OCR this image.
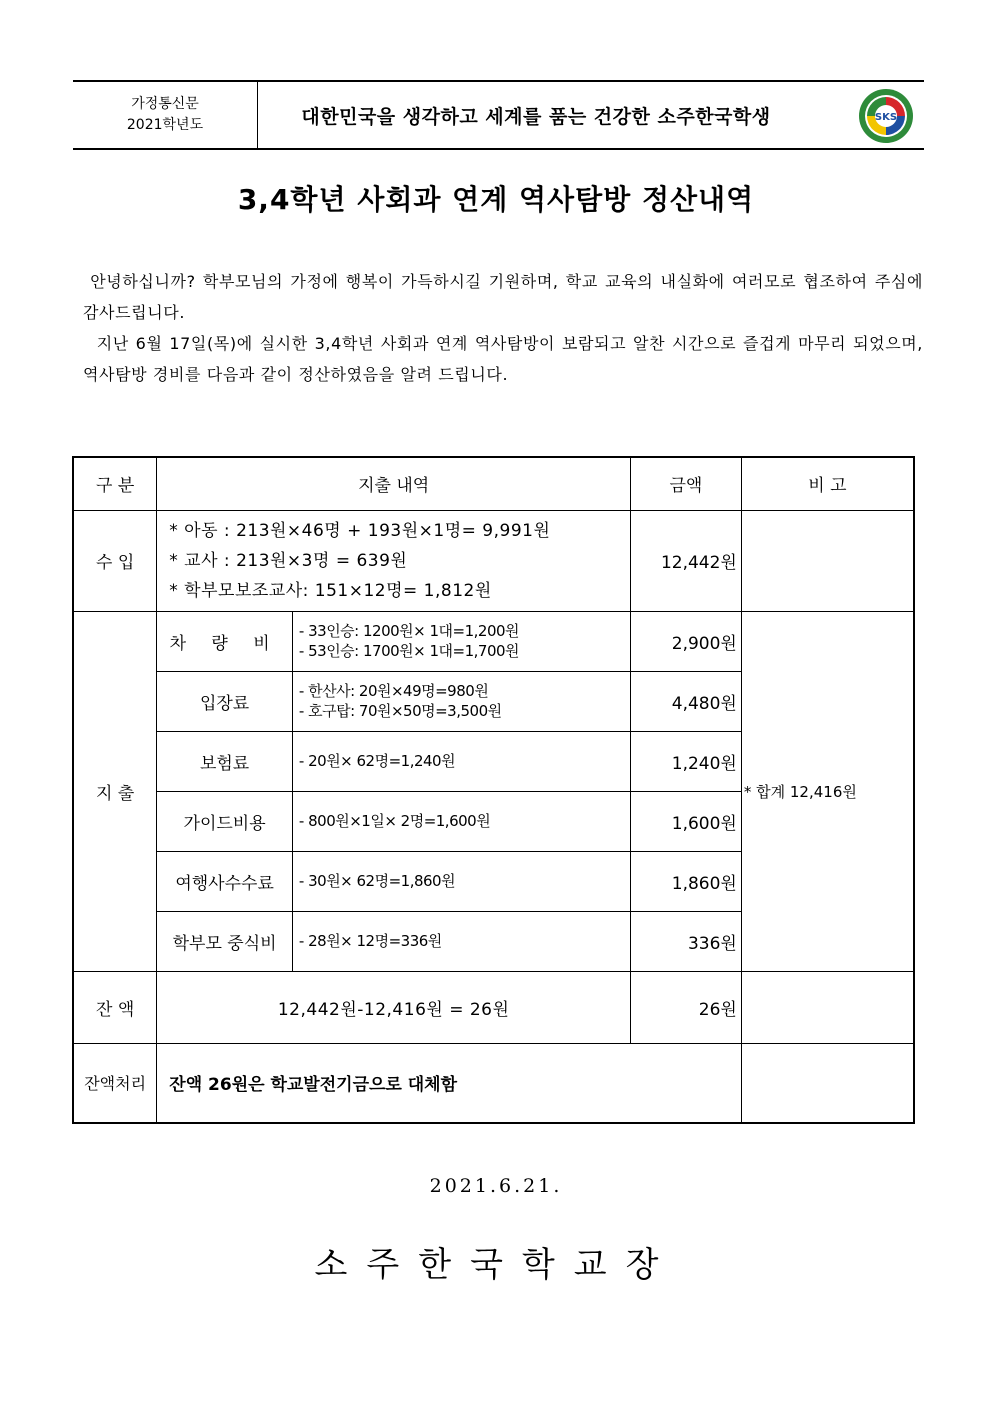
가정통신문
2021학년도	대한민국을 생각하고 세계를 품는 건강한 소주한국학생	SKS
3,4학년 사회과 연계 역사탐방 정산내역

안녕하십니까? 학부모님의 가정에 행복이 가득하시길 기원하며, 학교 교육의 내실화에 여러모로 협조하여 주심에 감사드립니다.

지난 6월 17일(목)에 실시한 3,4학년 사회과 연계 역사탐방이 보람되고 알찬 시간으로 즐겁게 마무리 되었으며, 역사탐방 경비를 다음과 같이 정산하였음을 알려 드립니다.

구 분	지출 내역		금액	비 고
수 입	* 아동 : 213원×46명 + 193원×1명= 9,991원
* 교사 : 213원×3명 = 639원
* 학부모보조교사: 151×12명= 1,812원		12,442원	
지 출	차 량 비	- 33인승: 1200원× 1대=1,200원
- 53인승: 1700원× 1대=1,700원	2,900원	* 합계 12,416원
	입장료	- 한산사: 20원×49명=980원
- 호구탑: 70원×50명=3,500원	4,480원	
	보험료	- 20원× 62명=1,240원	1,240원	
	가이드비용	- 800원×1일× 2명=1,600원	1,600원	
	여행사수수료	- 30원× 62명=1,860원	1,860원	
	학부모 중식비	- 28원× 12명=336원	336원	
잔 액	12,442원-12,416원 = 26원		26원	
잔액처리	잔액 26원은 학교발전기금으로 대체함			
2021.6.21.
소주한국학교장
